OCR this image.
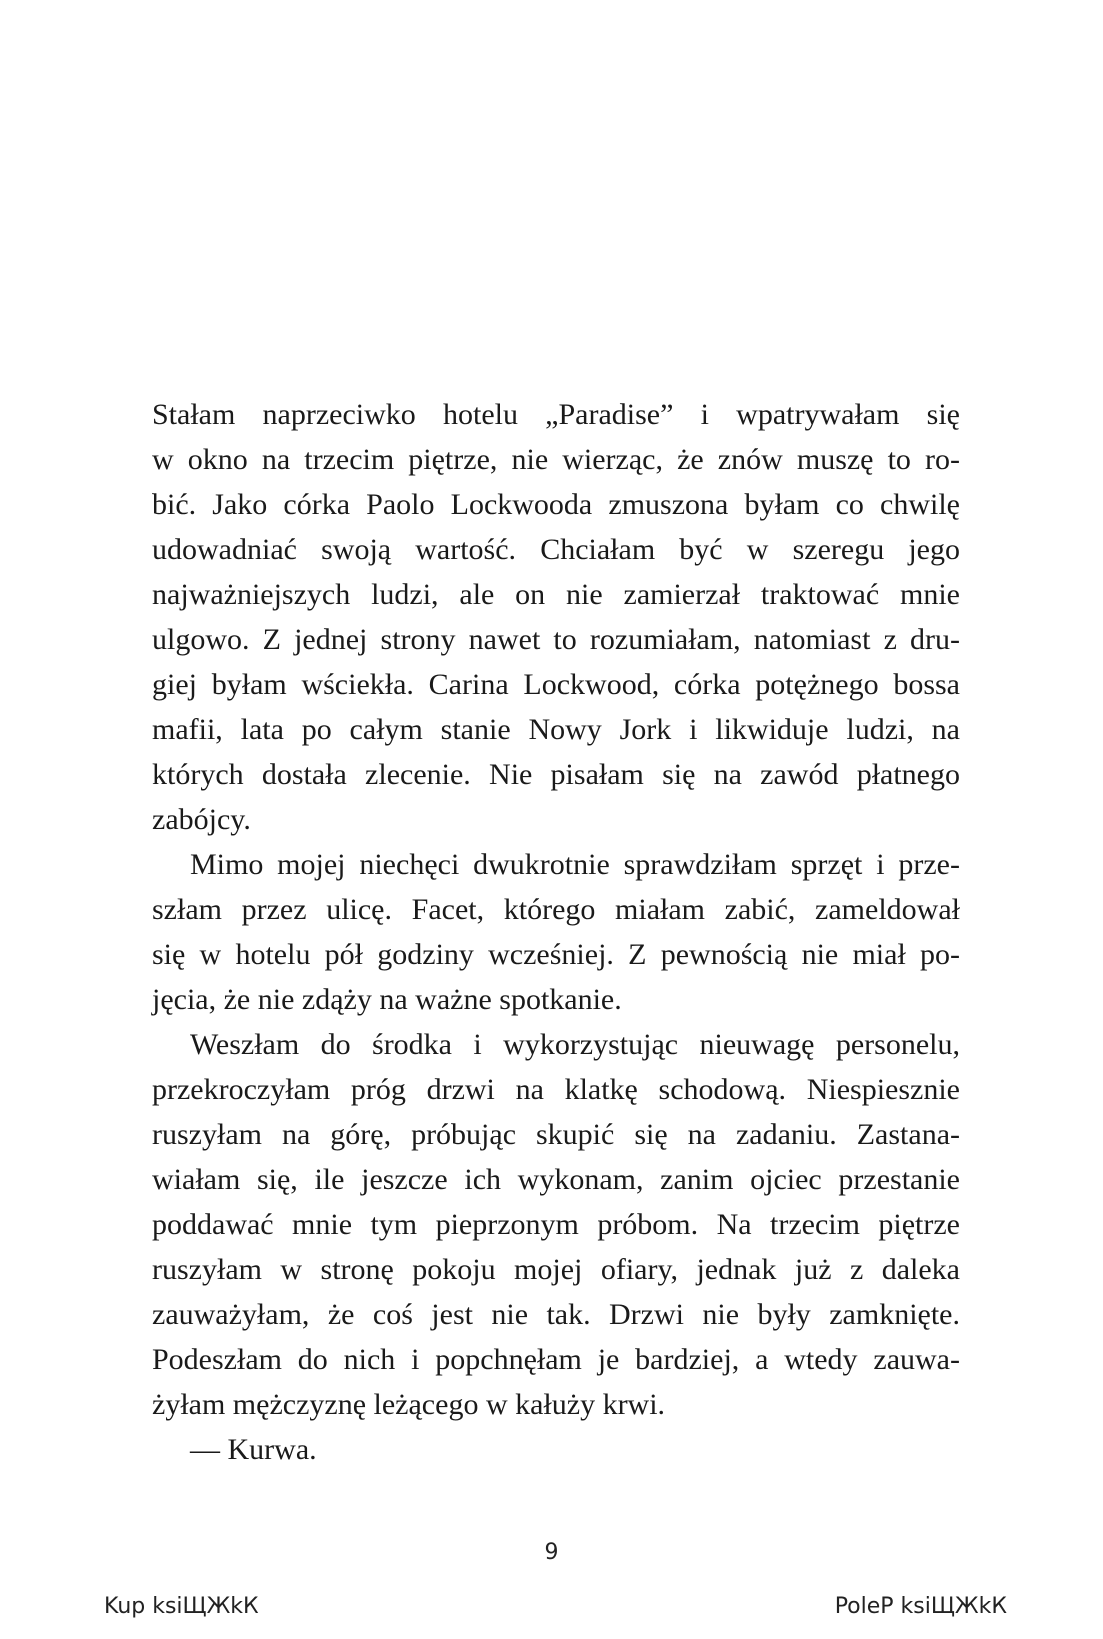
Stałam naprzeciwko hotelu „Paradise” i wpatrywałam się
w okno na trzecim piętrze, nie wierząc, że znów muszę to ro-
bić. Jako córka Paolo Lockwooda zmuszona byłam co chwilę
udowadniać swoją wartość. Chciałam być w szeregu jego
najważniejszych ludzi, ale on nie zamierzał traktować mnie
ulgowo. Z jednej strony nawet to rozumiałam, natomiast z dru-
giej byłam wściekła. Carina Lockwood, córka potężnego bossa
mafii, lata po całym stanie Nowy Jork i likwiduje ludzi, na
których dostała zlecenie. Nie pisałam się na zawód płatnego
zabójcy.
Mimo mojej niechęci dwukrotnie sprawdziłam sprzęt i prze-
szłam przez ulicę. Facet, którego miałam zabić, zameldował
się w hotelu pół godziny wcześniej. Z pewnością nie miał po-
jęcia, że nie zdąży na ważne spotkanie.
Weszłam do środka i wykorzystując nieuwagę personelu,
przekroczyłam próg drzwi na klatkę schodową. Niespiesznie
ruszyłam na górę, próbując skupić się na zadaniu. Zastana-
wiałam się, ile jeszcze ich wykonam, zanim ojciec przestanie
poddawać mnie tym pieprzonym próbom. Na trzecim piętrze
ruszyłam w stronę pokoju mojej ofiary, jednak już z daleka
zauważyłam, że coś jest nie tak. Drzwi nie były zamknięte.
Podeszłam do nich i popchnęłam je bardziej, a wtedy zauwa-
żyłam mężczyznę leżącego w kałuży krwi.
— Kurwa.
9
Kup ksiЩЖkК	PoleР ksiЩЖkК
